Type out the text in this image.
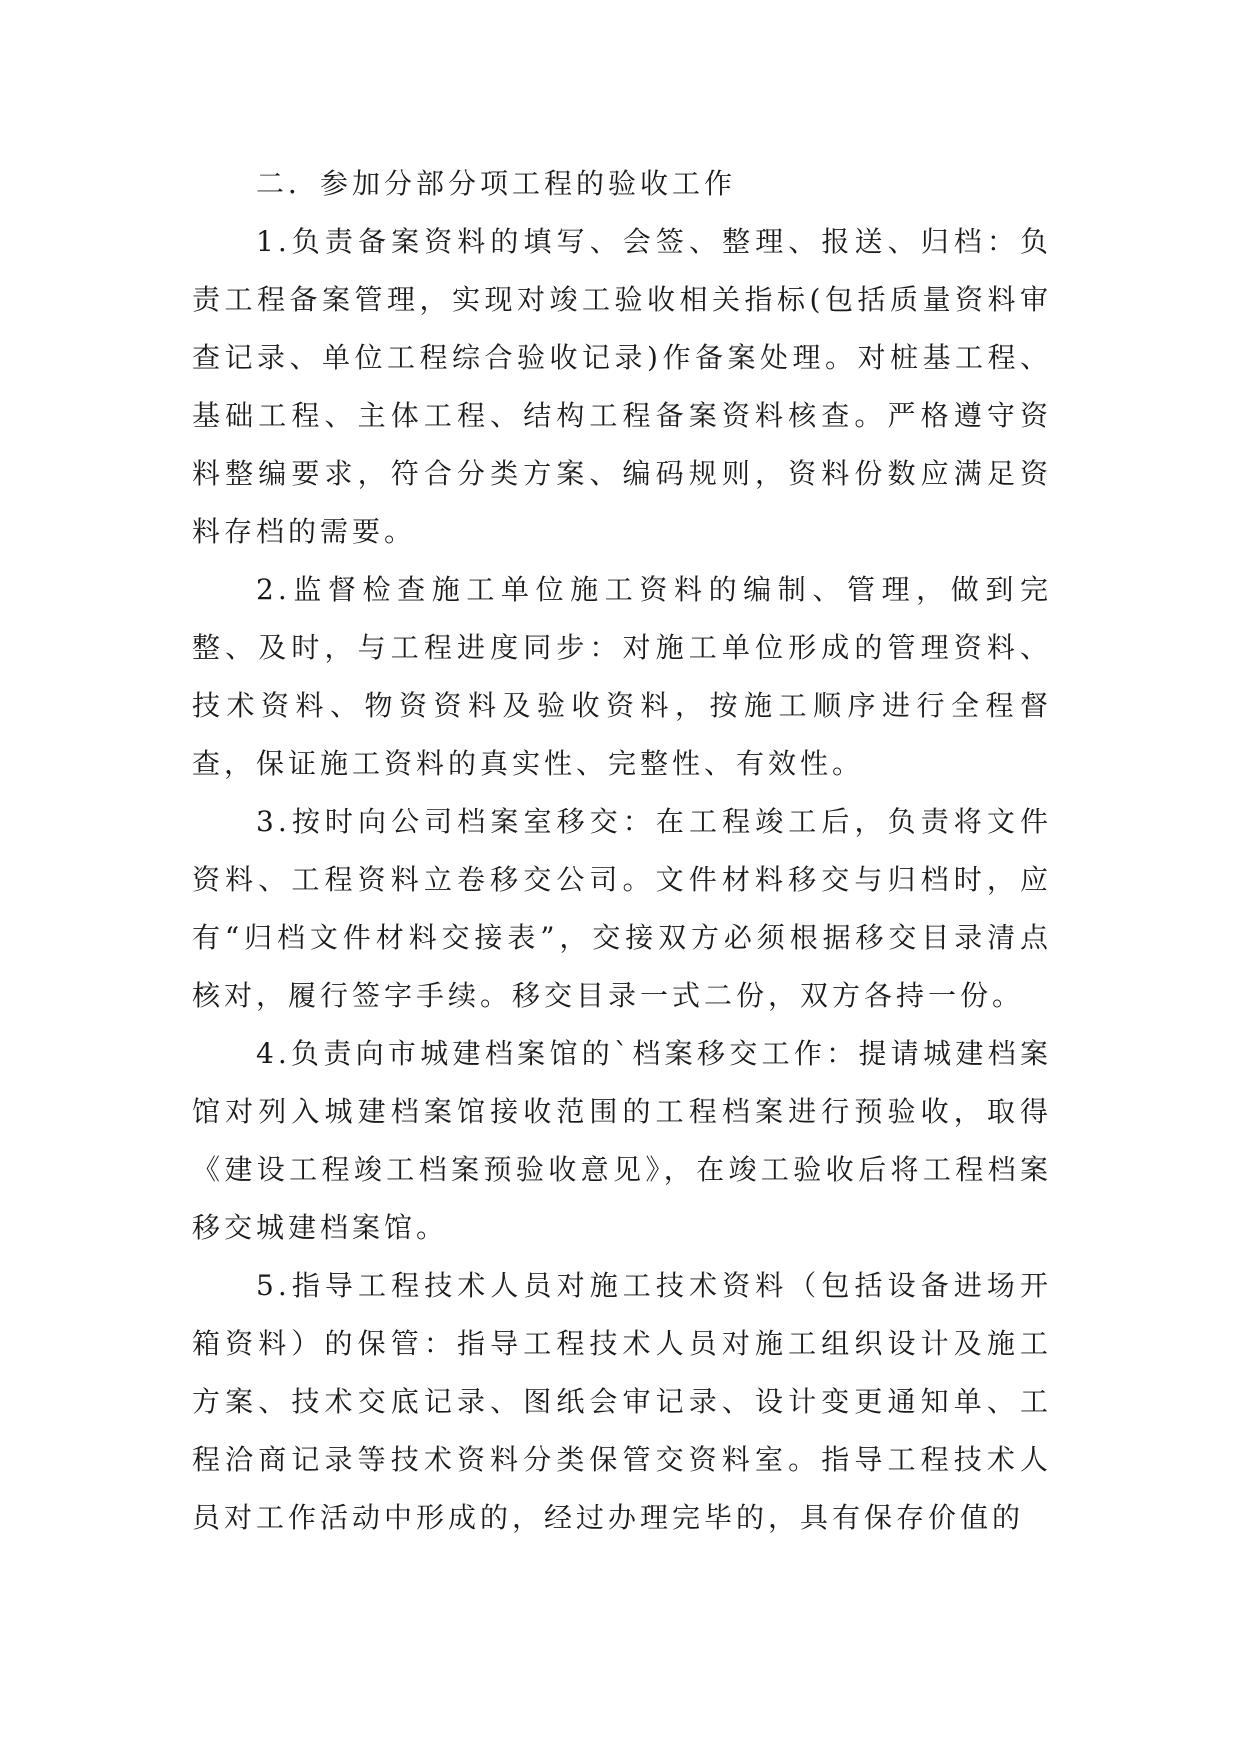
二．参加分部分项工程的验收工作

1.负责备案资料的填写、会签、整理、报送、归档：负责工程备案管理，实现对竣工验收相关指标(包括质量资料审查记录、单位工程综合验收记录)作备案处理。对桩基工程、基础工程、主体工程、结构工程备案资料核查。严格遵守资料整编要求，符合分类方案、编码规则，资料份数应满足资料存档的需要。

2.监督检查施工单位施工资料的编制、管理，做到完整、及时，与工程进度同步：对施工单位形成的管理资料、技术资料、物资资料及验收资料，按施工顺序进行全程督查，保证施工资料的真实性、完整性、有效性。

3.按时向公司档案室移交：在工程竣工后，负责将文件资料、工程资料立卷移交公司。文件材料移交与归档时，应有“归档文件材料交接表”，交接双方必须根据移交目录清点核对，履行签字手续。移交目录一式二份，双方各持一份。

4.负责向市城建档案馆的`档案移交工作：提请城建档案馆对列入城建档案馆接收范围的工程档案进行预验收，取得《建设工程竣工档案预验收意见》，在竣工验收后将工程档案移交城建档案馆。

5.指导工程技术人员对施工技术资料（包括设备进场开箱资料）的保管：指导工程技术人员对施工组织设计及施工方案、技术交底记录、图纸会审记录、设计变更通知单、工程洽商记录等技术资料分类保管交资料室。指导工程技术人员对工作活动中形成的，经过办理完毕的，具有保存价值的
